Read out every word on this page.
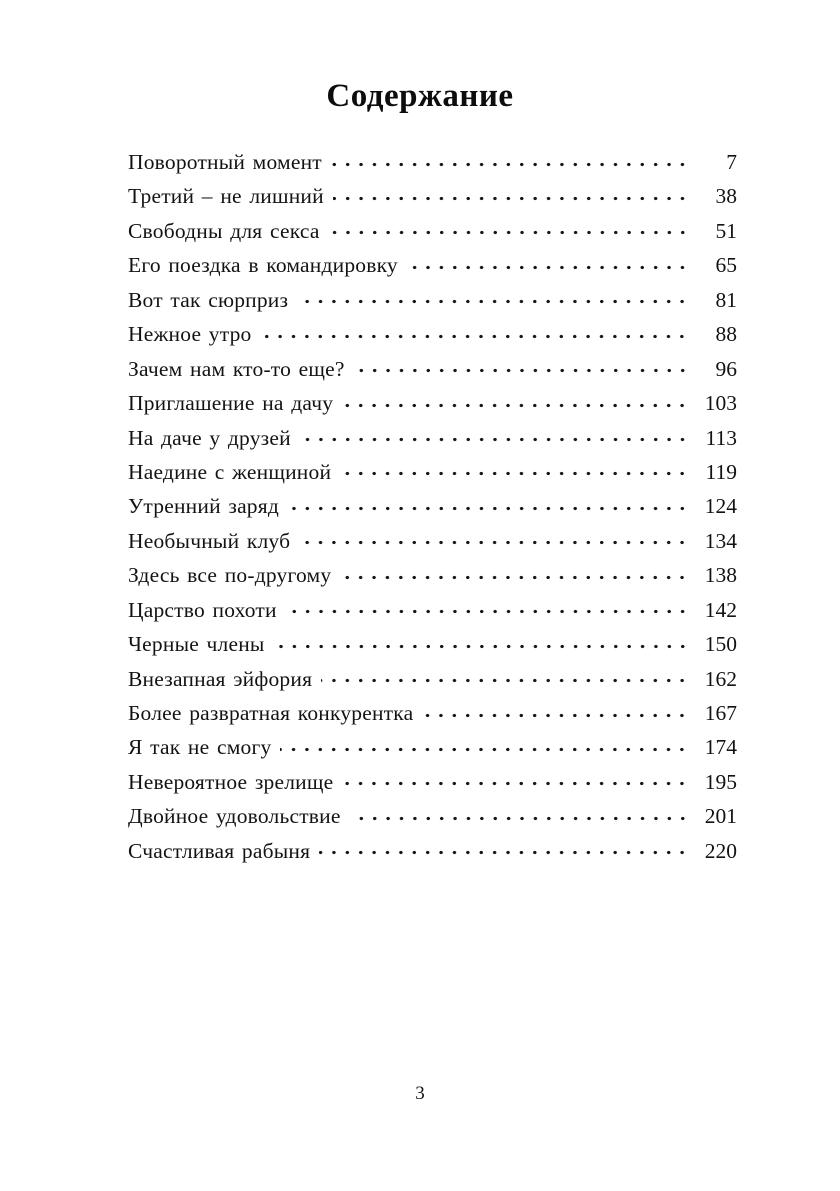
Содержание
Поворотный момент	7
Третий – не лишний	38
Свободны для секса	51
Его поездка в командировку	65
Вот так сюрприз	81
Нежное утро	88
Зачем нам кто-то еще?	96
Приглашение на дачу	103
На даче у друзей	113
Наедине с женщиной	119
Утренний заряд	124
Необычный клуб	134
Здесь все по-другому	138
Царство похоти	142
Черные члены	150
Внезапная эйфория	162
Более развратная конкурентка	167
Я так не смогу	174
Невероятное зрелище	195
Двойное удовольствие	201
Счастливая рабыня	220
3
